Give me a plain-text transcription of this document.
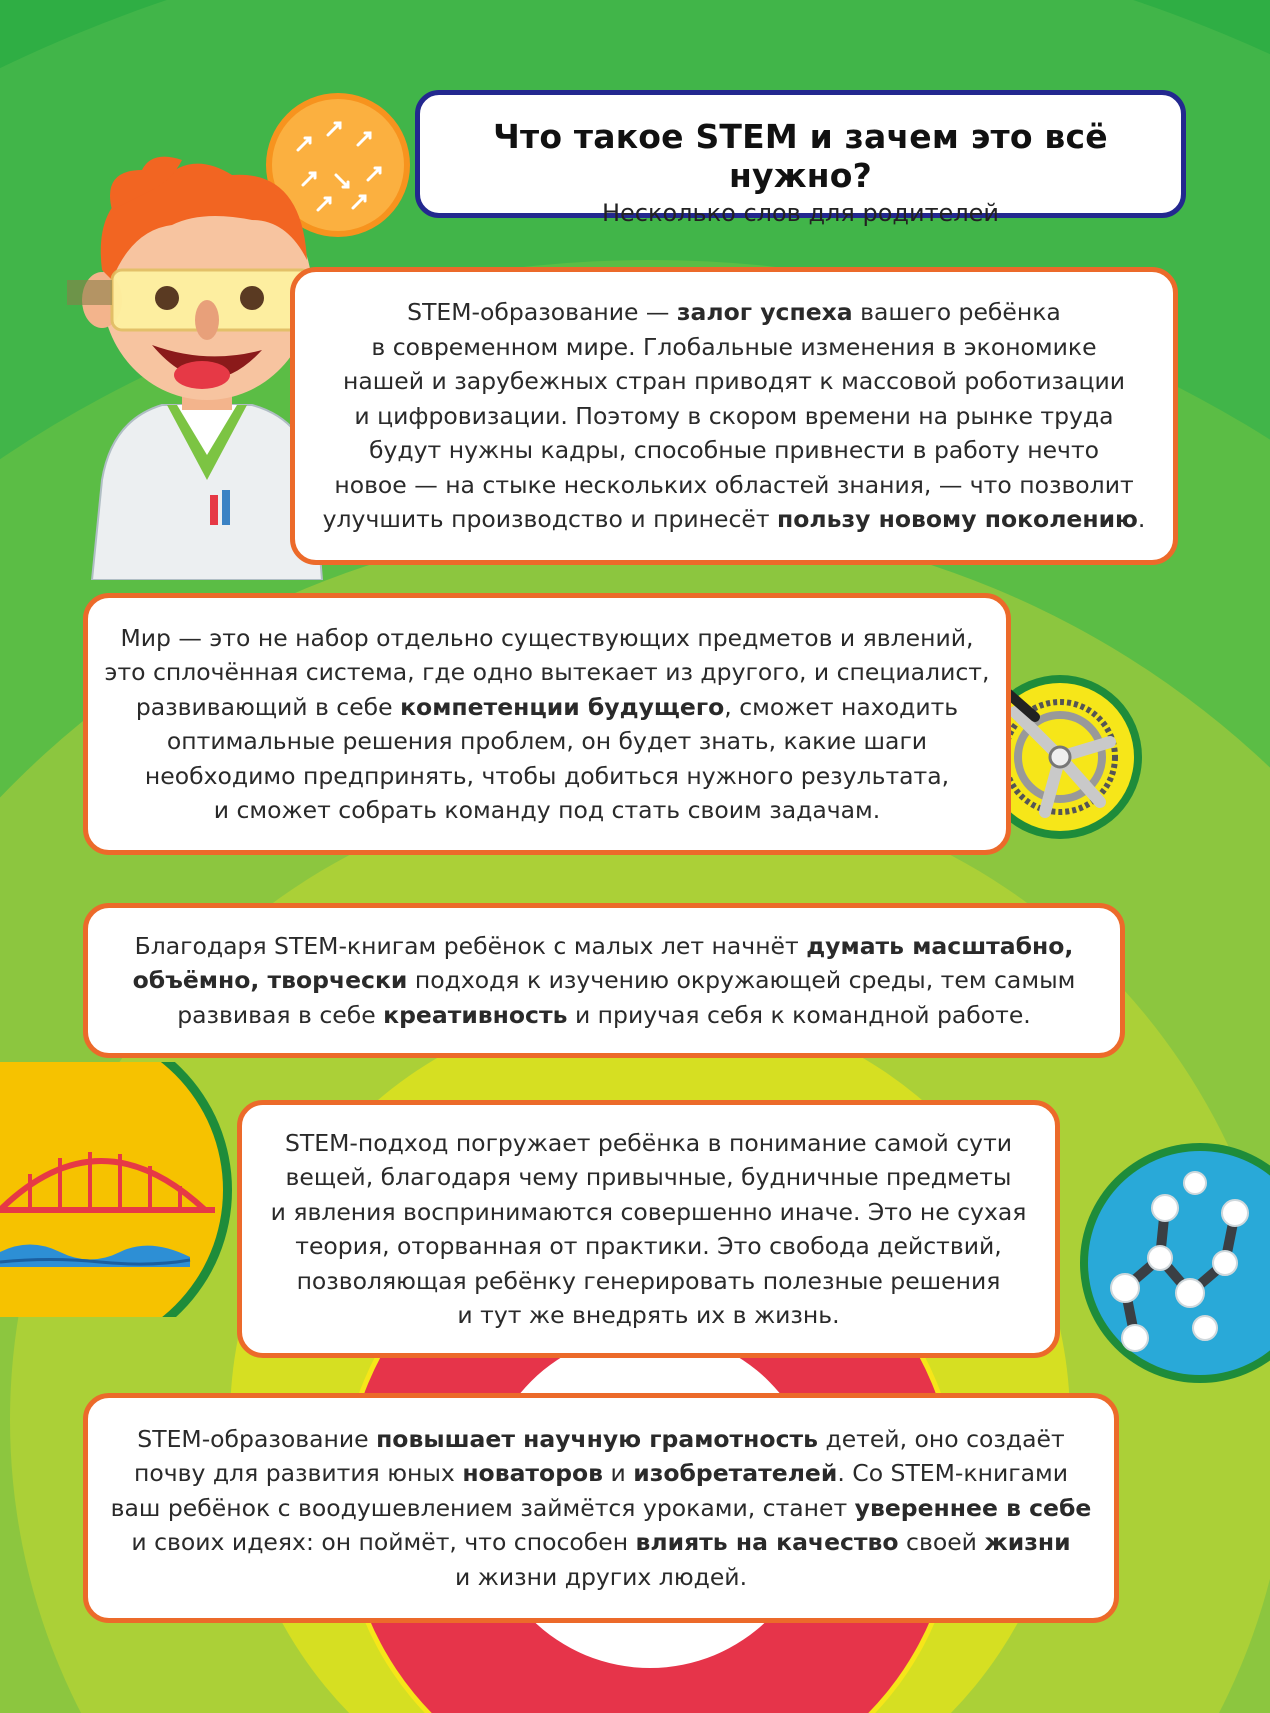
Что такое STEM и зачем это всё нужно?

Несколько слов для родителей

STEM-образование — залог успеха вашего ребёнка
в современном мире. Глобальные изменения в экономике
нашей и зарубежных стран приводят к массовой роботизации
и цифровизации. Поэтому в скором времени на рынке труда
будут нужны кадры, способные привнести в работу нечто
новое — на стыке нескольких областей знания, — что позволит
улучшить производство и принесёт пользу новому поколению.
Мир — это не набор отдельно существующих предметов и явлений,
это сплочённая система, где одно вытекает из другого, и специалист,
развивающий в себе компетенции будущего, сможет находить
оптимальные решения проблем, он будет знать, какие шаги
необходимо предпринять, чтобы добиться нужного результата,
и сможет собрать команду под стать своим задачам.
Благодаря STEM-книгам ребёнок с малых лет начнёт думать масштабно,
объёмно, творчески подходя к изучению окружающей среды, тем самым
развивая в себе креативность и приучая себя к командной работе.
STEM-подход погружает ребёнка в понимание самой сути
вещей, благодаря чему привычные, будничные предметы
и явления воспринимаются совершенно иначе. Это не сухая
теория, оторванная от практики. Это свобода действий,
позволяющая ребёнку генерировать полезные решения
и тут же внедрять их в жизнь.
STEM-образование повышает научную грамотность детей, оно создаёт
почву для развития юных новаторов и изобретателей. Со STEM-книгами
ваш ребёнок с воодушевлением займётся уроками, станет увереннее в себе
и своих идеях: он поймёт, что способен влиять на качество своей жизни
и жизни других людей.
